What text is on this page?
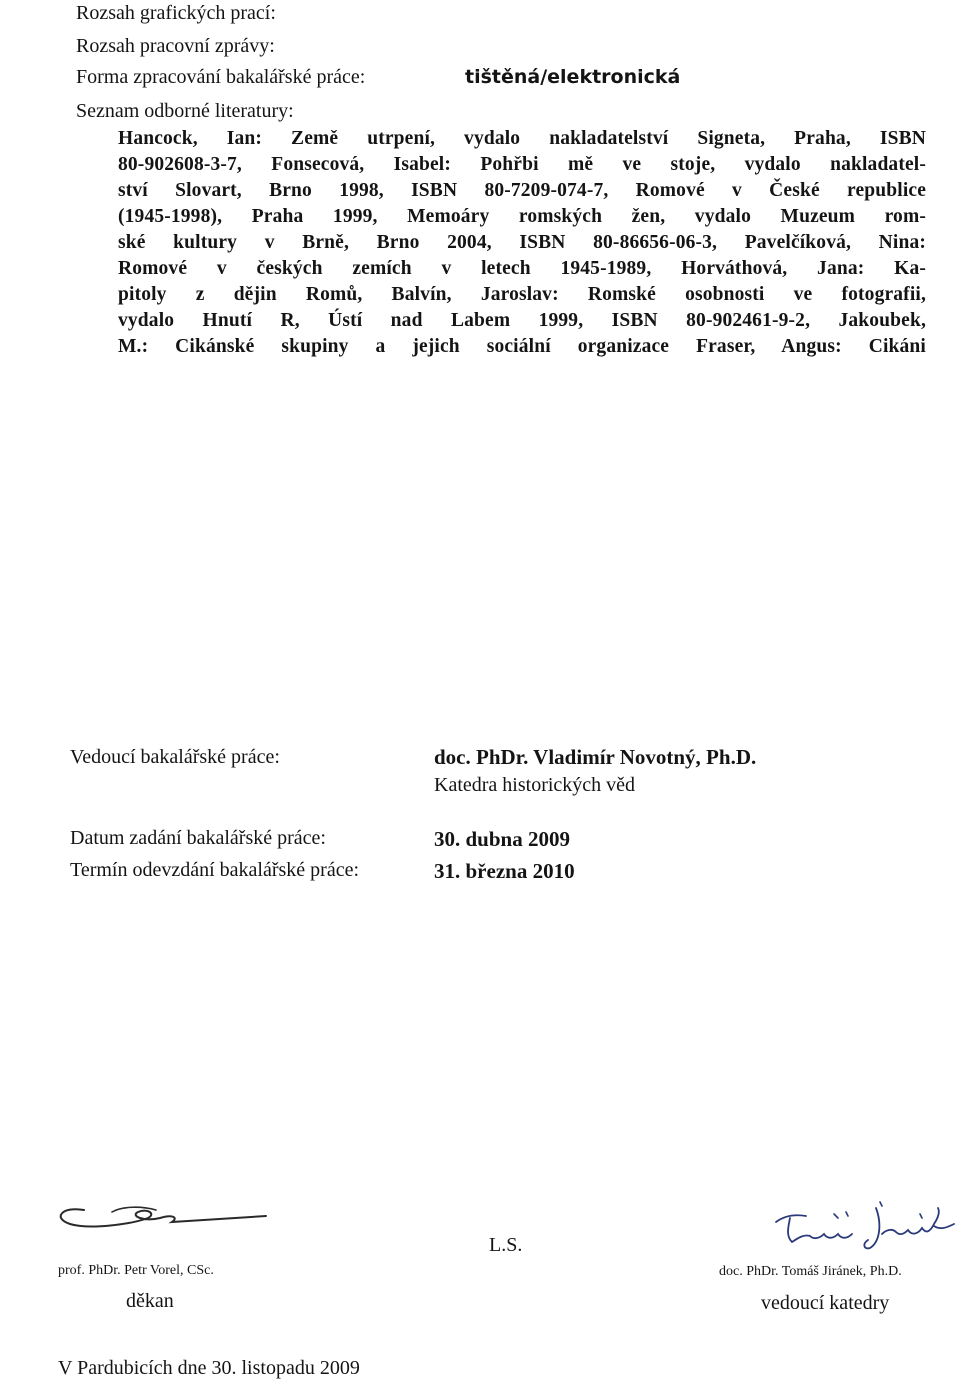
Rozsah grafických prací:
Rozsah pracovní zprávy:
Forma zpracování bakalářské práce:	tištěná/elektronická
Seznam odborné literatury:
Hancock, Ian: Země utrpení, vydalo nakladatelství Signeta, Praha, ISBN
80-902608-3-7, Fonsecová, Isabel: Pohřbi mě ve stoje, vydalo nakladatel-
ství Slovart, Brno 1998, ISBN 80-7209-074-7, Romové v České republice
(1945-1998), Praha 1999, Memoáry romských žen, vydalo Muzeum rom-
ské kultury v Brně, Brno 2004, ISBN 80-86656-06-3, Pavelčíková, Nina:
Romové v českých zemích v letech 1945-1989, Horváthová, Jana: Ka-
pitoly z dějin Romů, Balvín, Jaroslav: Romské osobnosti ve fotografii,
vydalo Hnutí R, Ústí nad Labem 1999, ISBN 80-902461-9-2, Jakoubek,
M.: Cikánské skupiny a jejich sociální organizace Fraser, Angus: Cikáni
Vedoucí bakalářské práce:	doc. PhDr. Vladimír Novotný, Ph.D.
Katedra historických věd
Datum zadání bakalářské práce:	30. dubna 2009
Termín odevzdání bakalářské práce:	31. března 2010
prof. PhDr. Petr Vorel, CSc.
děkan
L.S.
doc. PhDr. Tomáš Jiránek, Ph.D.
vedoucí katedry
V Pardubicích dne 30. listopadu 2009
